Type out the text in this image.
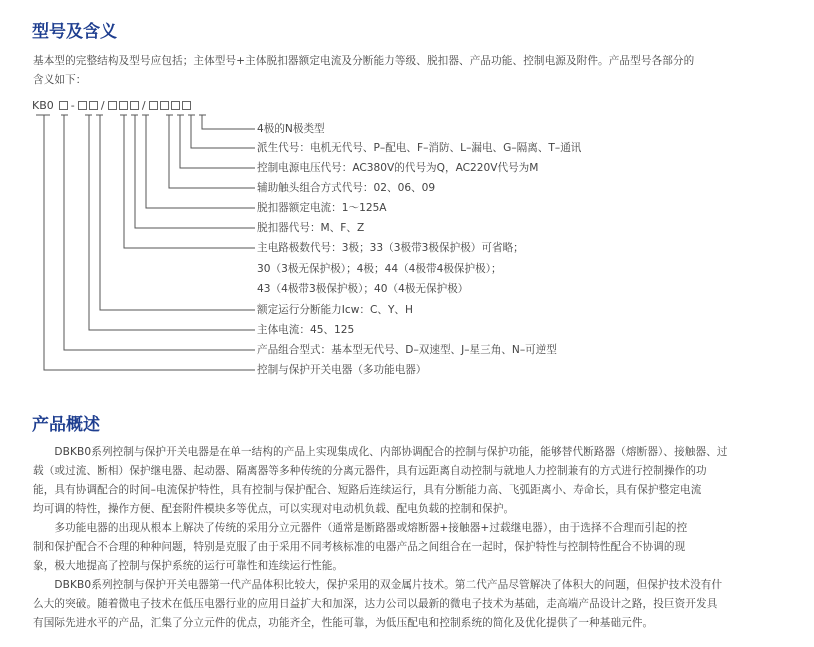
型号及含义

基本型的完整结构及型号应包括；主体型号+主体脱扣器额定电流及分断能力等级、脱扣器、产品功能、控制电源及附件。产品型号各部分的

含义如下：

KB0 - /	/
4极的N极类型
派生代号：电机无代号、P–配电、F–消防、L–漏电、G–隔离、T–通讯
控制电源电压代号：AC380V的代号为Q，AC220V代号为M
辅助触头组合方式代号：02、06、09
脱扣器额定电流：1～125A
脱扣器代号：M、F、Z
主电路极数代号：3极；33（3极带3极保护极）可省略；
30（3极无保护极）；4极；44（4极带4极保护极）；
43（4极带3极保护极）；40（4极无保护极）
额定运行分断能力Icw：C、Y、H
主体电流：45、125
产品组合型式：基本型无代号、D–双速型、J–星三角、N–可逆型
控制与保护开关电器（多功能电器）
产品概述

　　DBKB0系列控制与保护开关电器是在单一结构的产品上实现集成化、内部协调配合的控制与保护功能，能够替代断路器（熔断器）、接触器、过

载（或过流、断相）保护继电器、起动器、隔离器等多种传统的分离元器件，具有远距离自动控制与就地人力控制兼有的方式进行控制操作的功

能，具有协调配合的时间–电流保护特性，具有控制与保护配合、短路后连续运行，具有分断能力高、飞弧距离小、寿命长，具有保护整定电流

均可调的特性，操作方便、配套附件模块多等优点，可以实现对电动机负载、配电负载的控制和保护。

　　多功能电器的出现从根本上解决了传统的采用分立元器件（通常是断路器或熔断器+接触器+过载继电器），由于选择不合理而引起的控

制和保护配合不合理的种种问题，特别是克服了由于采用不同考核标准的电器产品之间组合在一起时，保护特性与控制特性配合不协调的现

象，极大地提高了控制与保护系统的运行可靠性和连续运行性能。

　　DBKB0系列控制与保护开关电器第一代产品体积比较大，保护采用的双金属片技术。第二代产品尽管解决了体积大的问题，但保护技术没有什

么大的突破。随着微电子技术在低压电器行业的应用日益扩大和加深，达力公司以最新的微电子技术为基础，走高端产品设计之路，投巨资开发具

有国际先进水平的产品，汇集了分立元件的优点，功能齐全，性能可靠，为低压配电和控制系统的简化及优化提供了一种基础元件。
